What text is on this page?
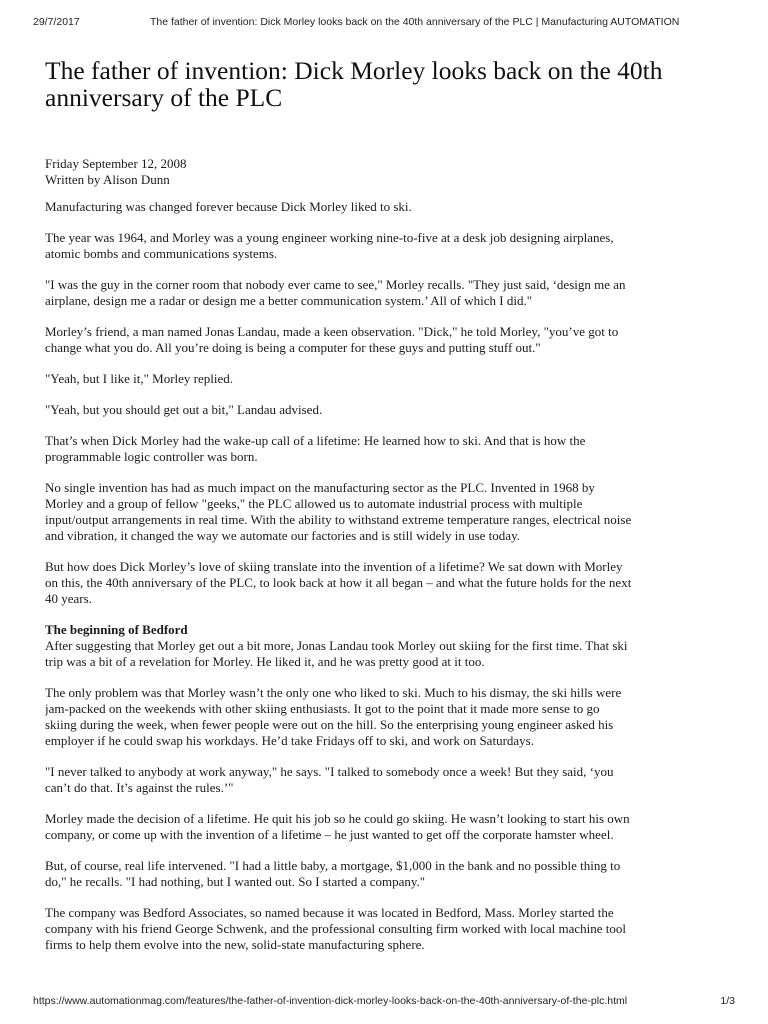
29/7/2017	The father of invention: Dick Morley looks back on the 40th anniversary of the PLC | Manufacturing AUTOMATION
The father of invention: Dick Morley looks back on the 40th
anniversary of the PLC
Friday September 12, 2008
Written by Alison Dunn

Manufacturing was changed forever because Dick Morley liked to ski.

The year was 1964, and Morley was a young engineer working nine-to-five at a desk job designing airplanes,
atomic bombs and communications systems.

"I was the guy in the corner room that nobody ever came to see," Morley recalls. "They just said, ‘design me an
airplane, design me a radar or design me a better communication system.’ All of which I did."

Morley’s friend, a man named Jonas Landau, made a keen observation. "Dick," he told Morley, "you’ve got to
change what you do. All you’re doing is being a computer for these guys and putting stuff out."

"Yeah, but I like it," Morley replied.

"Yeah, but you should get out a bit," Landau advised.

That’s when Dick Morley had the wake-up call of a lifetime: He learned how to ski. And that is how the
programmable logic controller was born.

No single invention has had as much impact on the manufacturing sector as the PLC. Invented in 1968 by
Morley and a group of fellow "geeks," the PLC allowed us to automate industrial process with multiple
input/output arrangements in real time. With the ability to withstand extreme temperature ranges, electrical noise
and vibration, it changed the way we automate our factories and is still widely in use today.

But how does Dick Morley’s love of skiing translate into the invention of a lifetime? We sat down with Morley
on this, the 40th anniversary of the PLC, to look back at how it all began – and what the future holds for the next
40 years.

The beginning of Bedford

After suggesting that Morley get out a bit more, Jonas Landau took Morley out skiing for the first time. That ski
trip was a bit of a revelation for Morley. He liked it, and he was pretty good at it too.

The only problem was that Morley wasn’t the only one who liked to ski. Much to his dismay, the ski hills were
jam-packed on the weekends with other skiing enthusiasts. It got to the point that it made more sense to go
skiing during the week, when fewer people were out on the hill. So the enterprising young engineer asked his
employer if he could swap his workdays. He’d take Fridays off to ski, and work on Saturdays.

"I never talked to anybody at work anyway," he says. "I talked to somebody once a week! But they said, ‘you
can’t do that. It’s against the rules.’"

Morley made the decision of a lifetime. He quit his job so he could go skiing. He wasn’t looking to start his own
company, or come up with the invention of a lifetime – he just wanted to get off the corporate hamster wheel.

But, of course, real life intervened. "I had a little baby, a mortgage, $1,000 in the bank and no possible thing to
do," he recalls. "I had nothing, but I wanted out. So I started a company."

The company was Bedford Associates, so named because it was located in Bedford, Mass. Morley started the
company with his friend George Schwenk, and the professional consulting firm worked with local machine tool
firms to help them evolve into the new, solid-state manufacturing sphere.

https://www.automationmag.com/features/the-father-of-invention-dick-morley-looks-back-on-the-40th-anniversary-of-the-plc.html	1/3
